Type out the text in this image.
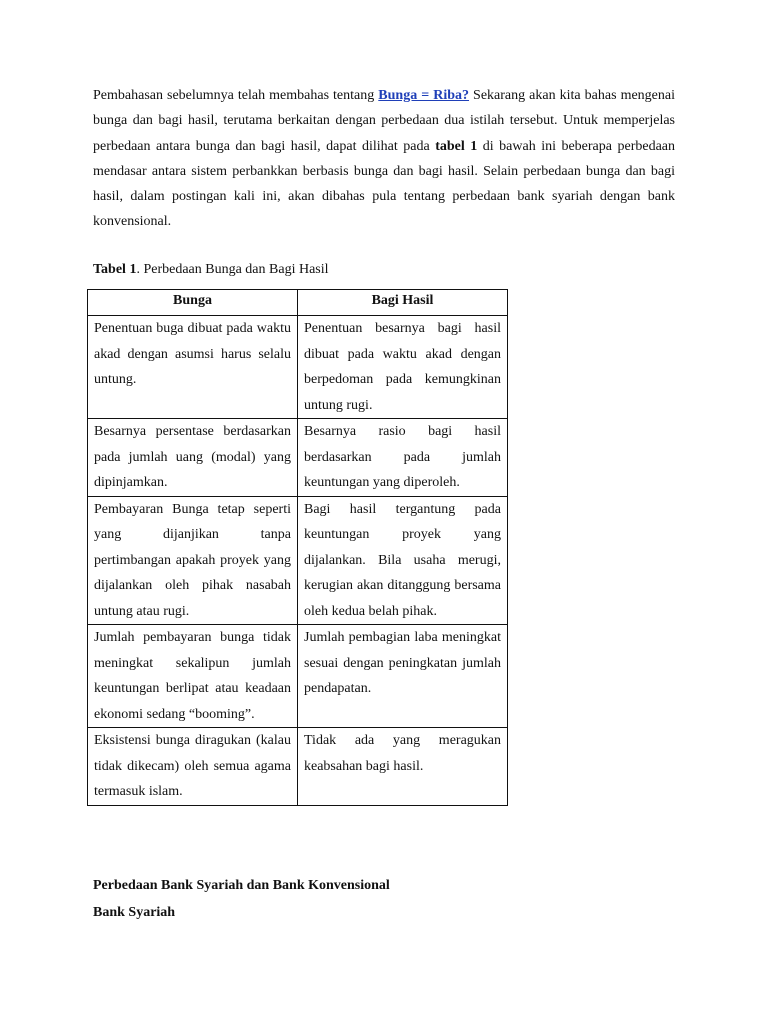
Pembahasan sebelumnya telah membahas tentang Bunga = Riba? Sekarang akan kita bahas mengenai bunga dan bagi hasil, terutama berkaitan dengan perbedaan dua istilah tersebut. Untuk memperjelas perbedaan antara bunga dan bagi hasil, dapat dilihat pada tabel 1 di bawah ini beberapa perbedaan mendasar antara sistem perbankkan berbasis bunga dan bagi hasil. Selain perbedaan bunga dan bagi hasil, dalam postingan kali ini, akan dibahas pula tentang perbedaan bank syariah dengan bank konvensional.

Tabel 1. Perbedaan Bunga dan Bagi Hasil

Bunga	Bagi Hasil
Penentuan buga dibuat pada waktu akad dengan asumsi harus selalu untung.	Penentuan besarnya bagi hasil dibuat pada waktu akad dengan berpedoman pada kemungkinan untung rugi.
Besarnya persentase berdasarkan pada jumlah uang (modal) yang dipinjamkan.	Besarnya rasio bagi hasil berdasarkan pada jumlah keuntungan yang diperoleh.
Pembayaran Bunga tetap seperti yang dijanjikan tanpa pertimbangan apakah proyek yang dijalankan oleh pihak nasabah untung atau rugi.	Bagi hasil tergantung pada keuntungan proyek yang dijalankan. Bila usaha merugi, kerugian akan ditanggung bersama oleh kedua belah pihak.
Jumlah pembayaran bunga tidak meningkat sekalipun jumlah keuntungan berlipat atau keadaan ekonomi sedang “booming”.	Jumlah pembagian laba meningkat sesuai dengan peningkatan jumlah pendapatan.
Eksistensi bunga diragukan (kalau tidak dikecam) oleh semua agama termasuk islam.	Tidak ada yang meragukan keabsahan bagi hasil.

Perbedaan Bank Syariah dan Bank Konvensional

Bank Syariah
